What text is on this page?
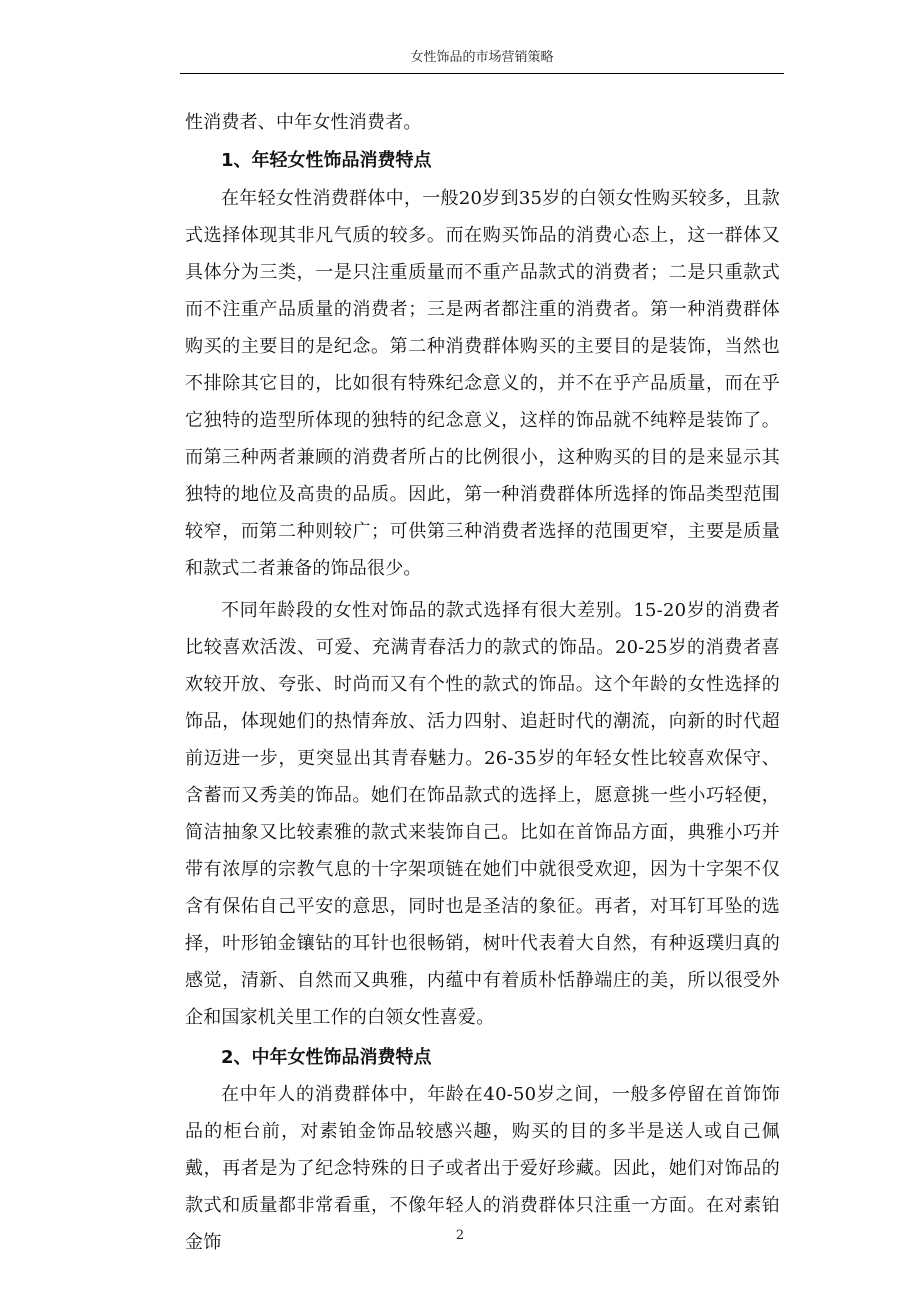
女性饰品的市场营销策略

性消费者、中年女性消费者。

1、年轻女性饰品消费特点

在年轻女性消费群体中，一般20岁到35岁的白领女性购买较多，且款式选择体现其非凡气质的较多。而在购买饰品的消费心态上，这一群体又具体分为三类，一是只注重质量而不重产品款式的消费者；二是只重款式而不注重产品质量的消费者；三是两者都注重的消费者。第一种消费群体购买的主要目的是纪念。第二种消费群体购买的主要目的是装饰，当然也不排除其它目的，比如很有特殊纪念意义的，并不在乎产品质量，而在乎它独特的造型所体现的独特的纪念意义，这样的饰品就不纯粹是装饰了。而第三种两者兼顾的消费者所占的比例很小，这种购买的目的是来显示其独特的地位及高贵的品质。因此，第一种消费群体所选择的饰品类型范围较窄，而第二种则较广；可供第三种消费者选择的范围更窄，主要是质量和款式二者兼备的饰品很少。

不同年龄段的女性对饰品的款式选择有很大差别。15-20岁的消费者比较喜欢活泼、可爱、充满青春活力的款式的饰品。20-25岁的消费者喜欢较开放、夸张、时尚而又有个性的款式的饰品。这个年龄的女性选择的饰品，体现她们的热情奔放、活力四射、追赶时代的潮流，向新的时代超前迈进一步，更突显出其青春魅力。26-35岁的年轻女性比较喜欢保守、含蓄而又秀美的饰品。她们在饰品款式的选择上，愿意挑一些小巧轻便，简洁抽象又比较素雅的款式来装饰自己。比如在首饰品方面，典雅小巧并带有浓厚的宗教气息的十字架项链在她们中就很受欢迎，因为十字架不仅含有保佑自己平安的意思，同时也是圣洁的象征。再者，对耳钉耳坠的选择，叶形铂金镶钻的耳针也很畅销，树叶代表着大自然，有种返璞归真的感觉，清新、自然而又典雅，内蕴中有着质朴恬静端庄的美，所以很受外企和国家机关里工作的白领女性喜爱。

2、中年女性饰品消费特点

在中年人的消费群体中，年龄在40-50岁之间，一般多停留在首饰饰品的柜台前，对素铂金饰品较感兴趣，购买的目的多半是送人或自己佩戴，再者是为了纪念特殊的日子或者出于爱好珍藏。因此，她们对饰品的款式和质量都非常看重，不像年轻人的消费群体只注重一方面。在对素铂金饰	2
